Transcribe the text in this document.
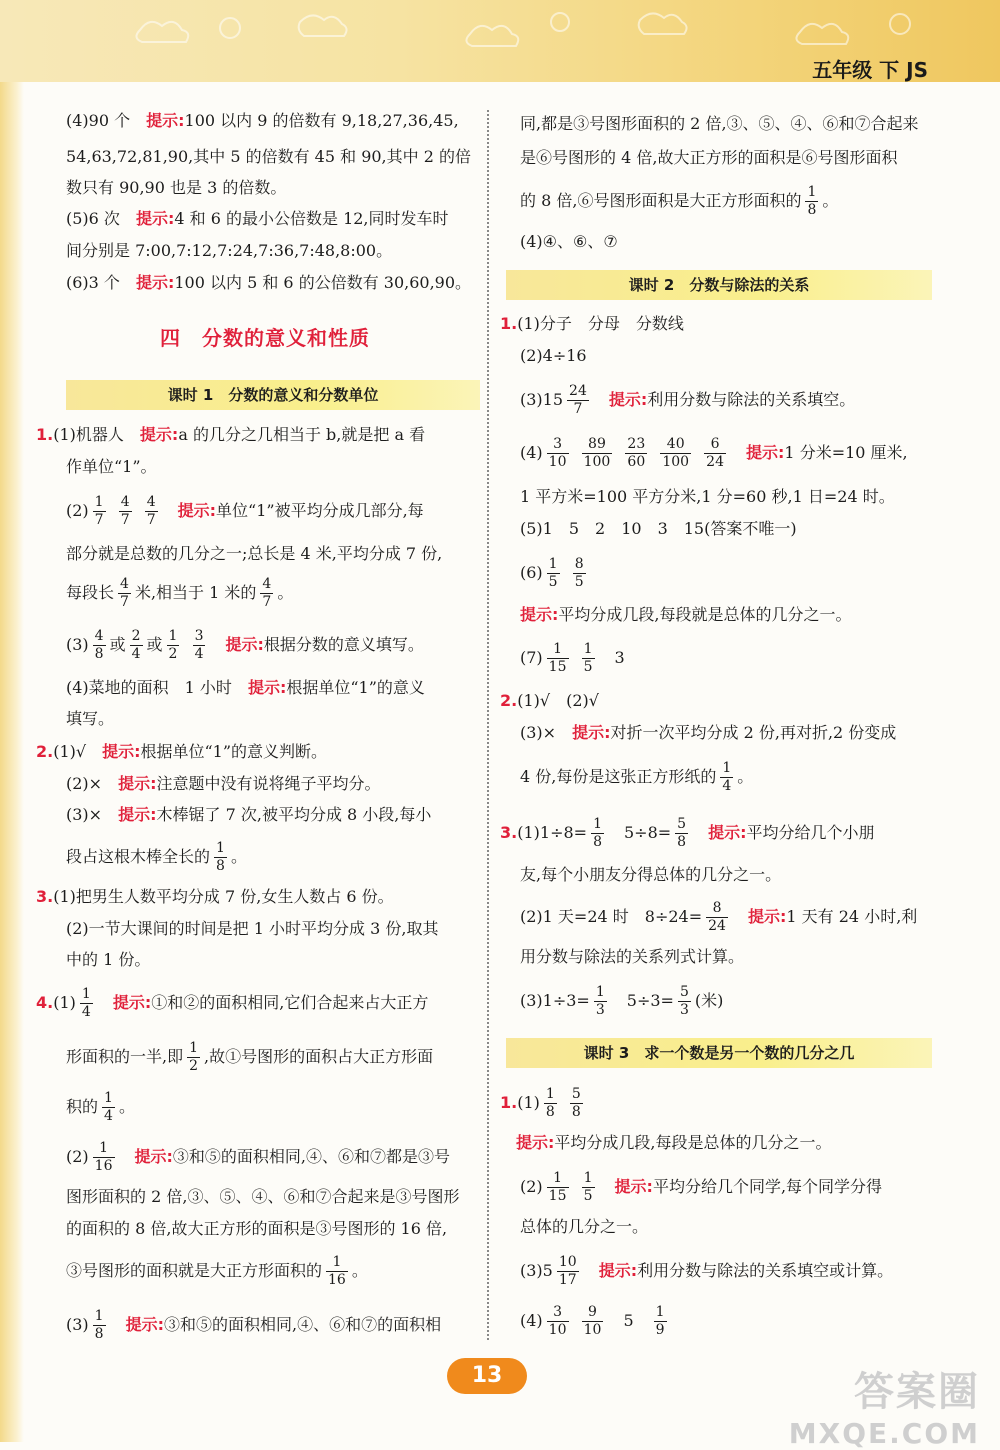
五年级 下 JS
(4)90 个　 提示:100 以内 9 的倍数有 9,18,27,36,45,
54,63,72,81,90,其中 5 的倍数有 45 和 90,其中 2 的倍
数只有 90,90 也是 3 的倍数。
(5)6 次　 提示:4 和 6 的最小公倍数是 12,同时发车时
间分别是 7:00,7:12,7:24,7:36,7:48,8:00。
(6)3 个　 提示:100 以内 5 和 6 的公倍数有 30,60,90。
四　分数的意义和性质
课时 1　分数的意义和分数单位
1.(1)机器人　 提示:a 的几分之几相当于 b,就是把 a 看
作单位“1”。
$(2) \frac{1}{7}$
$\frac{4}{7}$
$\frac{4}{7}$
　 提示:单位“1”被平均分成几部分,每
部分就是总数的几分之一;总长是 4 米,平均分成 7 份,
每段长 $\frac{4}{7}$ 米,相当于 1 米的 $\frac{4}{7}$ 。
$(3) \frac{4}{8}$ 或 $\frac{2}{4}$ 或 $\frac{1}{2}$
$\frac{3}{4}$
　 提示:根据分数的意义填写。
(4)菜地的面积　1 小时　 提示:根据单位“1”的意义
填写。
2.(1)√　 提示:根据单位“1”的意义判断。
(2)×　 提示:注意题中没有说将绳子平均分。
(3)×　 提示:木棒锯了 7 次,被平均分成 8 小段,每小
段占这根木棒全长的 $\frac{1}{8}$ 。
3.(1)把男生人数平均分成 7 份,女生人数占 6 份。
(2)一节大课间的时间是把 1 小时平均分成 3 份,取其
中的 1 份。
$4.(1) \frac{1}{4}$
　 提示:①和②的面积相同,它们合起来占大正方
形面积的一半,即 $\frac{1}{2}$ ,故①号图形的面积占大正方形面
积的 $\frac{1}{4}$ 。
$(2) \frac{1}{16}$
　 提示:③和⑤的面积相同,④、⑥和⑦都是③号
图形面积的 2 倍,③、⑤、④、⑥和⑦合起来是③号图形
的面积的 8 倍,故大正方形的面积是③号图形的 16 倍,
③号图形的面积就是大正方形面积的 $\frac{1}{16}$ 。
$(3) \frac{1}{8}$
　 提示:③和⑤的面积相同,④、⑥和⑦的面积相
同,都是③号图形面积的 2 倍,③、⑤、④、⑥和⑦合起来
是⑥号图形的 4 倍,故大正方形的面积是⑥号图形面积
的 8 倍,⑥号图形面积是大正方形面积的 $\frac{1}{8}$ 。
(4)④、⑥、⑦
课时 2　分数与除法的关系
1.(1)分子　分母　分数线
(2)4÷16
$(3)15 \frac{24}{7}$
　 提示:利用分数与除法的关系填空。
$(4) \frac{3}{10}$
$\frac{89}{100}$
$\frac{23}{60}$
$\frac{40}{100}$
$\frac{6}{24}$
　 提示:1 分米=10 厘米,
1 平方米=100 平方分米,1 分=60 秒,1 日=24 时。
(5)1　5　2　10　3　15(答案不唯一)
$(6) \frac{1}{5}$
$\frac{8}{5}$
提示:平均分成几段,每段就是总体的几分之一。
$(7) \frac{1}{15}$
$\frac{1}{5}$
　 3
2.(1)√　(2)√
(3)×　 提示:对折一次平均分成 2 份,再对折,2 份变成
4 份,每份是这张正方形纸的 $\frac{1}{4}$ 。
$3.(1)1\div 8= \frac{1}{8}$
　 $5\div 8= \frac{5}{8}$
　 提示:平均分给几个小朋
友,每个小朋友分得总体的几分之一。
(2)1 天=24 时　$8\div 24= \frac{8}{24}$
　 提示:1 天有 24 小时,利
用分数与除法的关系列式计算。
$(3)1\div 3= \frac{1}{3}$
　 $5\div 3= \frac{5}{3}$ (米)
课时 3　求一个数是另一个数的几分之几
$1.(1) \frac{1}{8}$
$\frac{5}{8}$
提示:平均分成几段,每段是总体的几分之一。
$(2) \frac{1}{15}$
$\frac{1}{5}$
　 提示:平均分给几个同学,每个同学分得
总体的几分之一。
$(3)5 \frac{10}{17}$
　 提示:利用分数与除法的关系填空或计算。
$(4) \frac{3}{10}$
$\frac{9}{10}$
　 5　 $\frac{1}{9}$
13	答案圈
MXQE.COM
